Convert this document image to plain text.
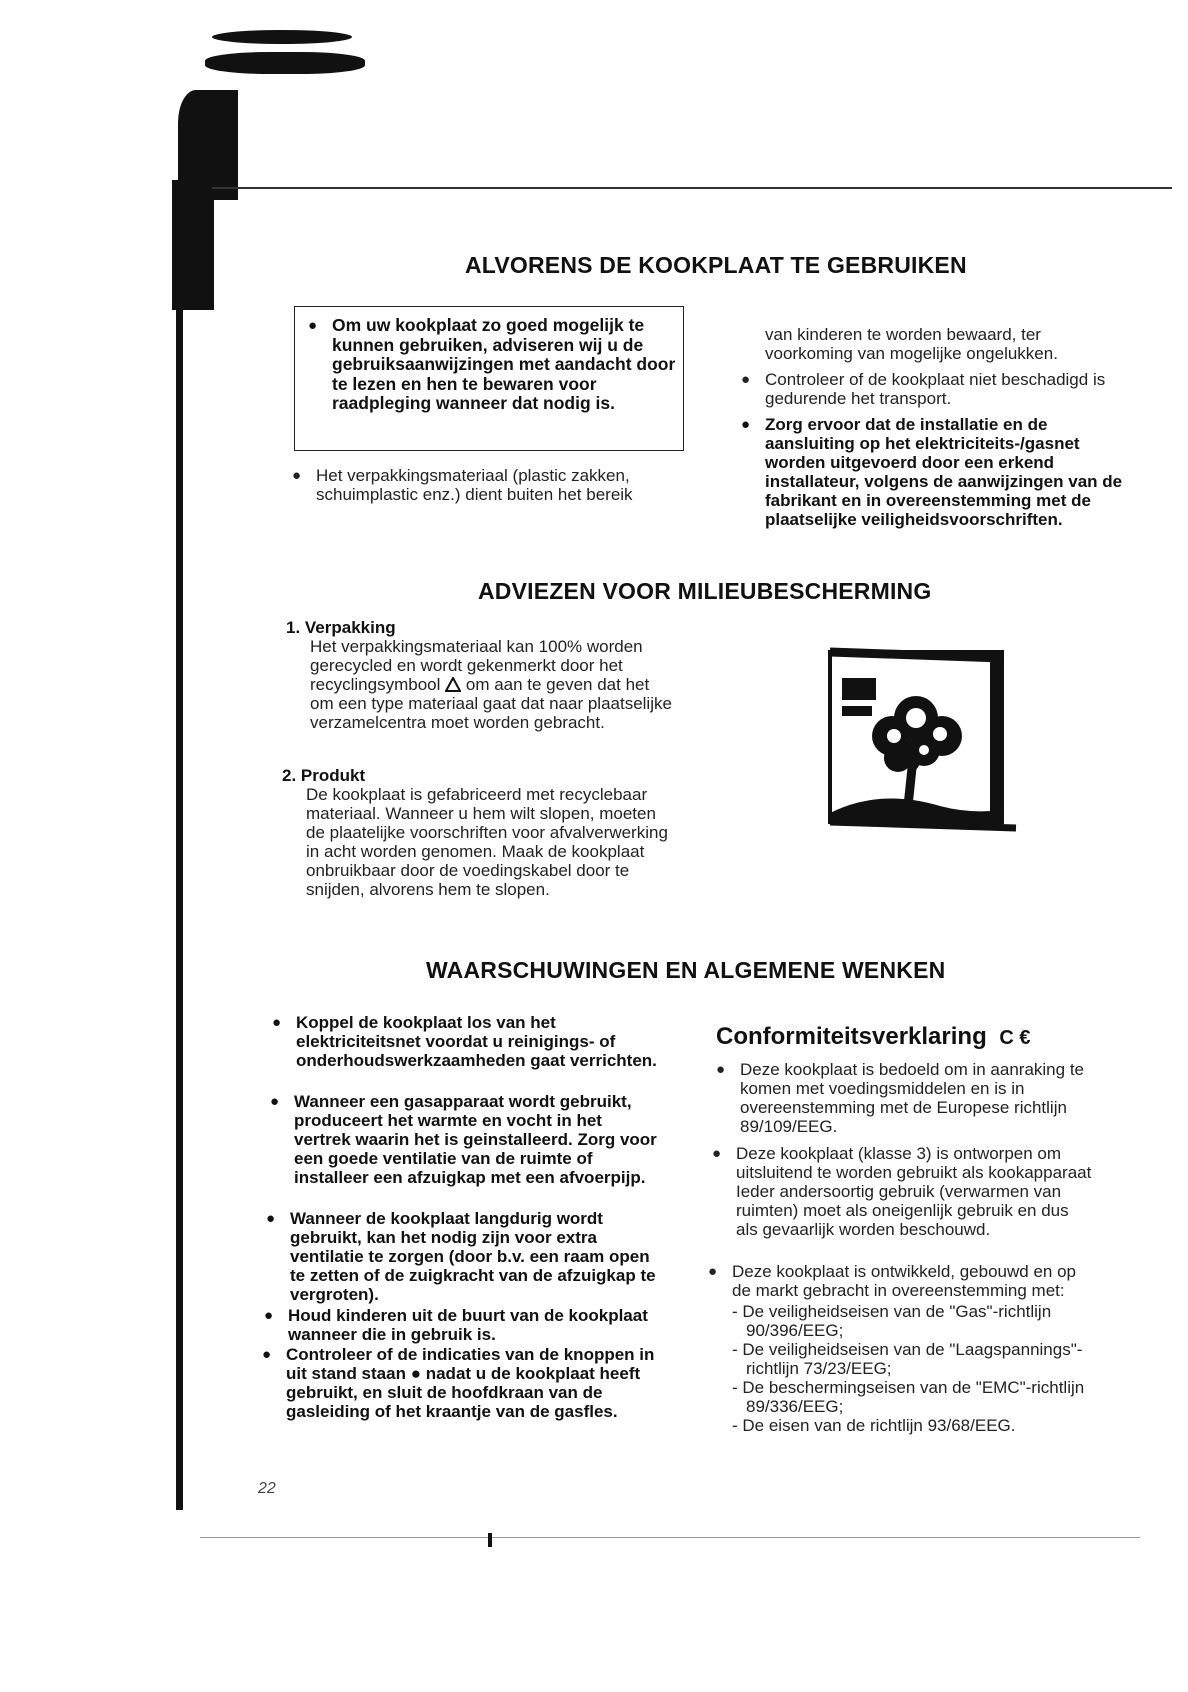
ALVORENS DE KOOKPLAAT TE GEBRUIKEN
● Om uw kookplaat zo goed mogelijk te kunnen gebruiken, adviseren wij u de gebruiksaanwijzingen met aandacht door te lezen en hen te bewaren voor raadpleging wanneer dat nodig is.
● Het verpakkingsmateriaal (plastic zakken, schuimplastic enz.) dient buiten het bereik
van kinderen te worden bewaard, ter voorkoming van mogelijke ongelukken.
● Controleer of de kookplaat niet beschadigd is gedurende het transport.
● Zorg ervoor dat de installatie en de aansluiting op het elektriciteits-/gasnet worden uitgevoerd door een erkend installateur, volgens de aanwijzingen van de fabrikant en in overeenstemming met de plaatselijke veiligheidsvoorschriften.
ADVIEZEN VOOR MILIEUBESCHERMING
1. Verpakking
Het verpakkingsmateriaal kan 100% worden gerecycled en wordt gekenmerkt door het recyclingsymbool om aan te geven dat het om een type materiaal gaat dat naar plaatselijke verzamelcentra moet worden gebracht.
2. Produkt
De kookplaat is gefabriceerd met recyclebaar materiaal. Wanneer u hem wilt slopen, moeten de plaatelijke voorschriften voor afvalverwerking in acht worden genomen. Maak de kookplaat onbruikbaar door de voedingskabel door te snijden, alvorens hem te slopen.
WAARSCHUWINGEN EN ALGEMENE WENKEN
● Koppel de kookplaat los van het elektriciteitsnet voordat u reinigings- of onderhoudswerkzaamheden gaat verrichten.
● Wanneer een gasapparaat wordt gebruikt, produceert het warmte en vocht in het vertrek waarin het is geinstalleerd. Zorg voor een goede ventilatie van de ruimte of installeer een afzuigkap met een afvoerpijp.
● Wanneer de kookplaat langdurig wordt gebruikt, kan het nodig zijn voor extra ventilatie te zorgen (door b.v. een raam open te zetten of de zuigkracht van de afzuigkap te vergroten).
● Houd kinderen uit de buurt van de kookplaat wanneer die in gebruik is.
● Controleer of de indicaties van de knoppen in uit stand staan ● nadat u de kookplaat heeft gebruikt, en sluit de hoofdkraan van de gasleiding of het kraantje van de gasfles.
Conformiteitsverklaring C €
● Deze kookplaat is bedoeld om in aanraking te komen met voedingsmiddelen en is in overeenstemming met de Europese richtlijn 89/109/EEG.
● Deze kookplaat (klasse 3) is ontworpen om uitsluitend te worden gebruikt als kookapparaat Ieder andersoortig gebruik (verwarmen van ruimten) moet als oneigenlijk gebruik en dus als gevaarlijk worden beschouwd.
● Deze kookplaat is ontwikkeld, gebouwd en op de markt gebracht in overeenstemming met:
- De veiligheidseisen van de "Gas"-richtlijn 90/396/EEG;
- De veiligheidseisen van de "Laagspannings"-richtlijn 73/23/EEG;
- De beschermingseisen van de "EMC"-richtlijn 89/336/EEG;
- De eisen van de richtlijn 93/68/EEG.
22
